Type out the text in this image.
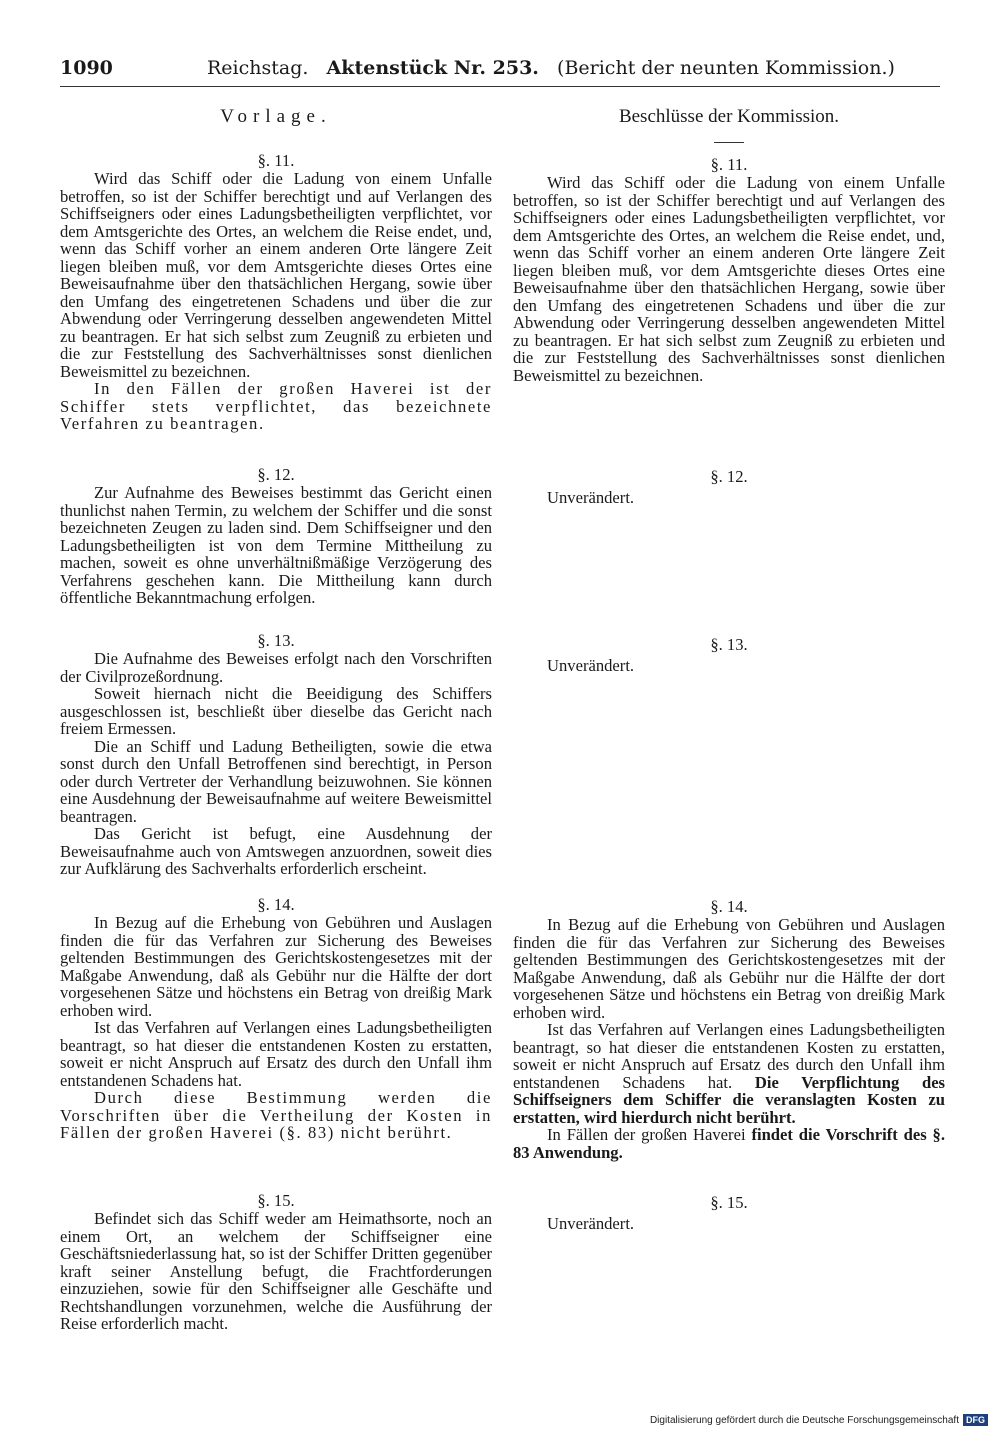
1090	Reichstag. Aktenstück Nr. 253. (Bericht der neunten Kommission.)
Vorlage.
§. 11.

Wird das Schiff oder die Ladung von einem Unfalle betroffen, so ist der Schiffer berechtigt und auf Verlangen des Schiffseigners oder eines Ladungsbetheiligten verpflichtet, vor dem Amtsgerichte des Ortes, an welchem die Reise endet, und, wenn das Schiff vorher an einem anderen Orte längere Zeit liegen bleiben muß, vor dem Amtsgerichte dieses Ortes eine Beweisaufnahme über den thatsächlichen Hergang, sowie über den Umfang des eingetretenen Schadens und über die zur Abwendung oder Verringerung desselben angewendeten Mittel zu beantragen. Er hat sich selbst zum Zeugniß zu erbieten und die zur Feststellung des Sachverhältnisses sonst dienlichen Beweismittel zu bezeichnen.

In den Fällen der großen Haverei ist der Schiffer stets verpflichtet, das bezeichnete Verfahren zu beantragen.

§. 12.

Zur Aufnahme des Beweises bestimmt das Gericht einen thunlichst nahen Termin, zu welchem der Schiffer und die sonst bezeichneten Zeugen zu laden sind. Dem Schiffseigner und den Ladungsbetheiligten ist von dem Termine Mittheilung zu machen, soweit es ohne unverhältnißmäßige Verzögerung des Verfahrens geschehen kann. Die Mittheilung kann durch öffentliche Bekanntmachung erfolgen.

§. 13.

Die Aufnahme des Beweises erfolgt nach den Vorschriften der Civilprozeßordnung.

Soweit hiernach nicht die Beeidigung des Schiffers ausgeschlossen ist, beschließt über dieselbe das Gericht nach freiem Ermessen.

Die an Schiff und Ladung Betheiligten, sowie die etwa sonst durch den Unfall Betroffenen sind berechtigt, in Person oder durch Vertreter der Verhandlung beizuwohnen. Sie können eine Ausdehnung der Beweisaufnahme auf weitere Beweismittel beantragen.

Das Gericht ist befugt, eine Ausdehnung der Beweisaufnahme auch von Amtswegen anzuordnen, soweit dies zur Aufklärung des Sachverhalts erforderlich erscheint.

§. 14.

In Bezug auf die Erhebung von Gebühren und Auslagen finden die für das Verfahren zur Sicherung des Beweises geltenden Bestimmungen des Gerichtskostengesetzes mit der Maßgabe Anwendung, daß als Gebühr nur die Hälfte der dort vorgesehenen Sätze und höchstens ein Betrag von dreißig Mark erhoben wird.

Ist das Verfahren auf Verlangen eines Ladungsbetheiligten beantragt, so hat dieser die entstandenen Kosten zu erstatten, soweit er nicht Anspruch auf Ersatz des durch den Unfall ihm entstandenen Schadens hat.

Durch diese Bestimmung werden die Vorschriften über die Vertheilung der Kosten in Fällen der großen Haverei (§. 83) nicht berührt.

§. 15.

Befindet sich das Schiff weder am Heimathsorte, noch an einem Ort, an welchem der Schiffseigner eine Geschäftsniederlassung hat, so ist der Schiffer Dritten gegenüber kraft seiner Anstellung befugt, die Frachtforderungen einzuziehen, sowie für den Schiffseigner alle Geschäfte und Rechtshandlungen vorzunehmen, welche die Ausführung der Reise erforderlich macht.

Beschlüsse der Kommission.
§. 11.

Wird das Schiff oder die Ladung von einem Unfalle betroffen, so ist der Schiffer berechtigt und auf Verlangen des Schiffseigners oder eines Ladungsbetheiligten verpflichtet, vor dem Amtsgerichte des Ortes, an welchem die Reise endet, und, wenn das Schiff vorher an einem anderen Orte längere Zeit liegen bleiben muß, vor dem Amtsgerichte dieses Ortes eine Beweisaufnahme über den thatsächlichen Hergang, sowie über den Umfang des eingetretenen Schadens und über die zur Abwendung oder Verringerung desselben angewendeten Mittel zu beantragen. Er hat sich selbst zum Zeugniß zu erbieten und die zur Feststellung des Sachverhältnisses sonst dienlichen Beweismittel zu bezeichnen.

§. 12.
Unverändert.
§. 13.
Unverändert.
§. 14.

In Bezug auf die Erhebung von Gebühren und Auslagen finden die für das Verfahren zur Sicherung des Beweises geltenden Bestimmungen des Gerichtskostengesetzes mit der Maßgabe Anwendung, daß als Gebühr nur die Hälfte der dort vorgesehenen Sätze und höchstens ein Betrag von dreißig Mark erhoben wird.

Ist das Verfahren auf Verlangen eines Ladungsbetheiligten beantragt, so hat dieser die entstandenen Kosten zu erstatten, soweit er nicht Anspruch auf Ersatz des durch den Unfall ihm entstandenen Schadens hat. Die Verpflichtung des Schiffseigners dem Schiffer die veranslagten Kosten zu erstatten, wird hierdurch nicht berührt.

In Fällen der großen Haverei findet die Vorschrift des §. 83 Anwendung.

§. 15.
Unverändert.
Digitalisierung gefördert durch die Deutsche Forschungsgemeinschaft DFG
